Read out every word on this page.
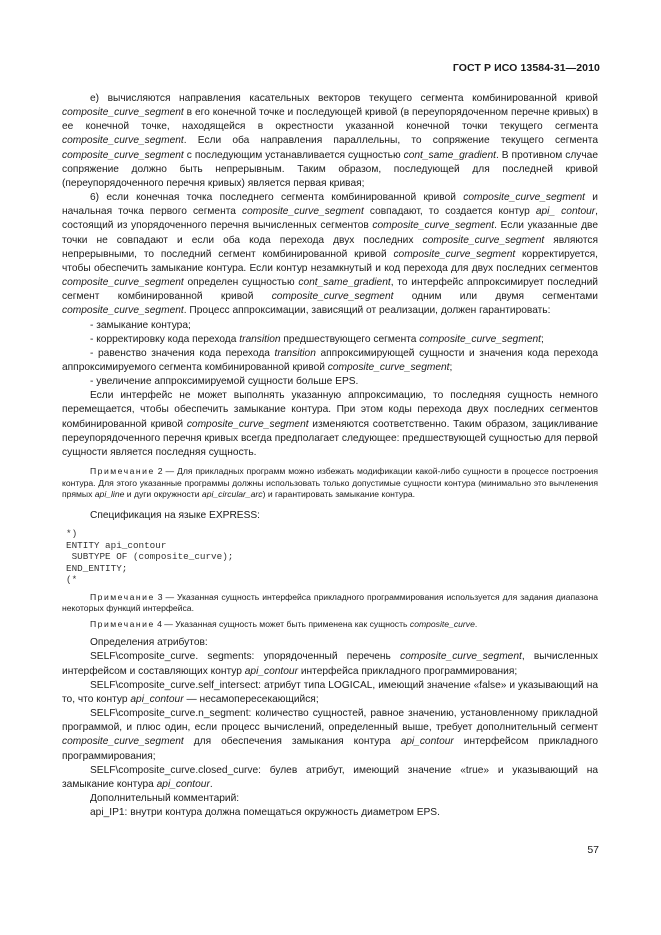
ГОСТ Р ИСО 13584-31—2010

е) вычисляются направления касательных векторов текущего сегмента комбинированной кривой composite_curve_segment в его конечной точке и последующей кривой (в переупорядоченном перечне кривых) в ее конечной точке, находящейся в окрестности указанной конечной точки текущего сегмента composite_curve_segment. Если оба направления параллельны, то сопряжение текущего сегмента composite_curve_segment с последующим устанавливается сущностью cont_same_gradient. В противном случае сопряжение должно быть непрерывным. Таким образом, последующей для последней кривой (переупорядоченного перечня кривых) является первая кривая;

6) если конечная точка последнего сегмента комбинированной кривой composite_curve_segment и начальная точка первого сегмента composite_curve_segment совпадают, то создается контур api_ contour, состоящий из упорядоченного перечня вычисленных сегментов composite_curve_segment. Если указанные две точки не совпадают и если оба кода перехода двух последних composite_curve_segment являются непрерывными, то последний сегмент комбинированной кривой composite_curve_segment корректируется, чтобы обеспечить замыкание контура. Если контур незамкнутый и код перехода для двух последних сегментов composite_curve_segment определен сущностью cont_same_gradient, то интерфейс аппроксимирует последний сегмент комбинированной кривой composite_curve_segment одним или двумя сегментами composite_curve_segment. Процесс аппроксимации, зависящий от реализации, должен гарантировать:

- замыкание контура;

- корректировку кода перехода transition предшествующего сегмента composite_curve_segment;

- равенство значения кода перехода transition аппроксимирующей сущности и значения кода перехода аппроксимируемого сегмента комбинированной кривой composite_curve_segment;

- увеличение аппроксимируемой сущности больше EPS.

Если интерфейс не может выполнять указанную аппроксимацию, то последняя сущность немного перемещается, чтобы обеспечить замыкание контура. При этом коды перехода двух последних сегментов комбинированной кривой composite_curve_segment изменяются соответственно. Таким образом, зацикливание переупорядоченного перечня кривых всегда предполагает следующее: предшествующей сущностью для первой сущности является последняя сущность.

Примечание 2 — Для прикладных программ можно избежать модификации какой-либо сущности в процессе построения контура. Для этого указанные программы должны использовать только допустимые сущности контура (минимально это вычленения прямых api_line и дуги окружности api_circular_arc) и гарантировать замыкание контура.

Спецификация на языке EXPRESS:

*)
ENTITY api_contour
SUBTYPE OF (composite_curve);
END_ENTITY;
(*

Примечание 3 — Указанная сущность интерфейса прикладного программирования используется для задания диапазона некоторых функций интерфейса.

Примечание 4 — Указанная сущность может быть применена как сущность composite_curve.

Определения атрибутов:

SELF\composite_curve. segments: упорядоченный перечень composite_curve_segment, вычисленных интерфейсом и составляющих контур api_contour интерфейса прикладного программирования;

SELF\composite_curve.self_intersect: атрибут типа LOGICAL, имеющий значение «false» и указывающий на то, что контур api_contour — несамопересекающийся;

SELF\composite_curve.n_segment: количество сущностей, равное значению, установленному прикладной программой, и плюс один, если процесс вычислений, определенный выше, требует дополнительный сегмент composite_curve_segment для обеспечения замыкания контура api_contour интерфейсом прикладного программирования;

SELF\composite_curve.closed_curve: булев атрибут, имеющий значение «true» и указывающий на замыкание контура api_contour.

Дополнительный комментарий:

api_IP1: внутри контура должна помещаться окружность диаметром EPS.

57
